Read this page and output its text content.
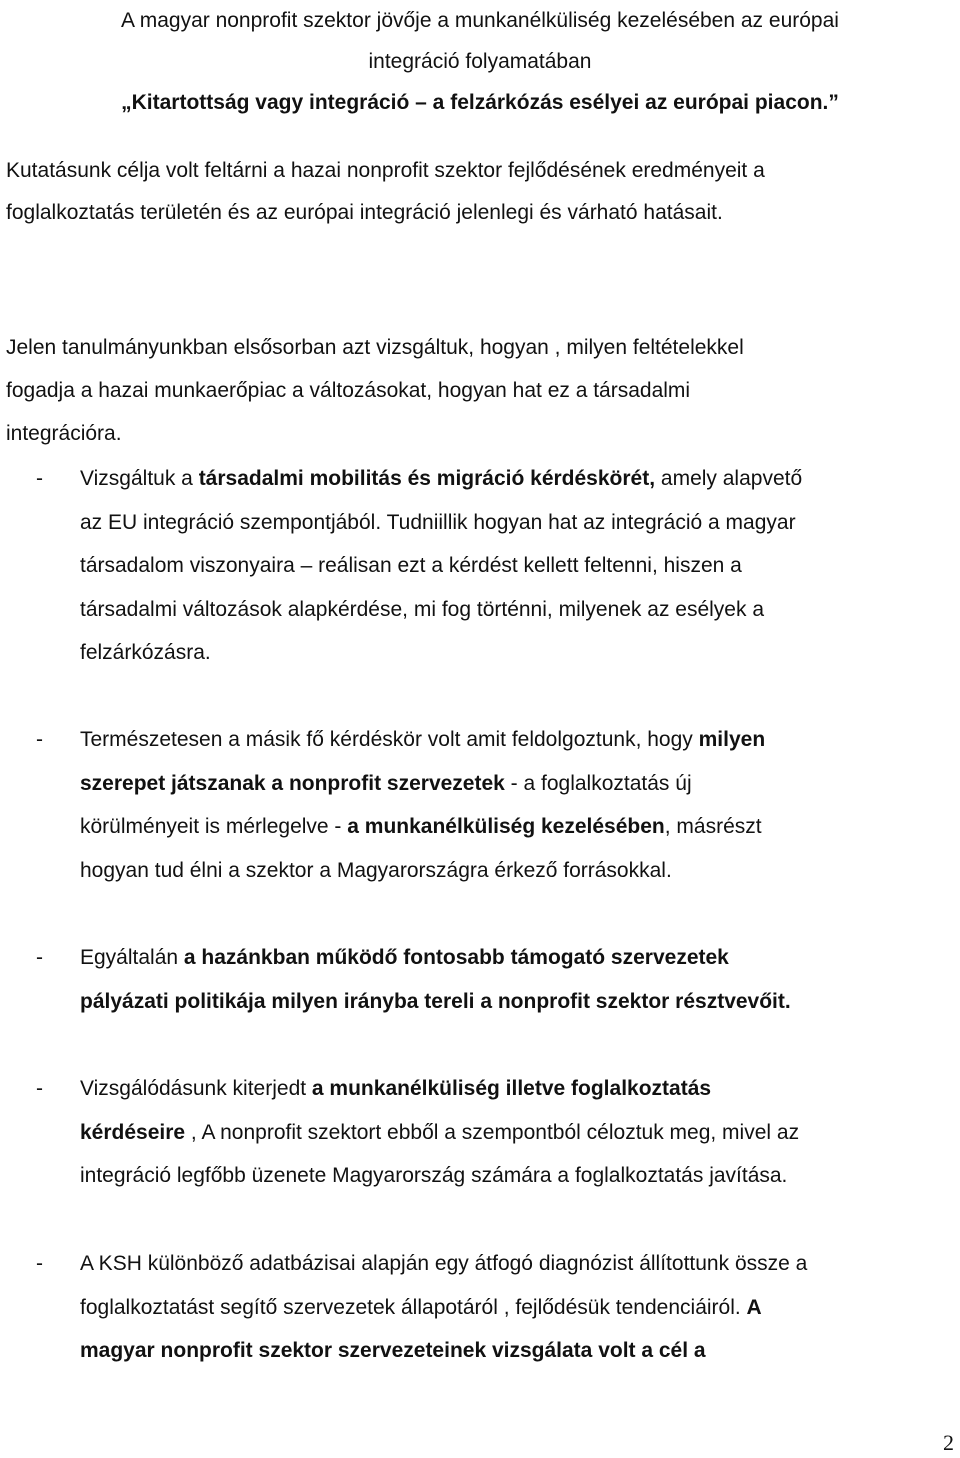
A magyar nonprofit szektor jövője a munkanélküliség kezelésében az európai
integráció folyamatában
„Kitartottság vagy integráció – a felzárkózás esélyei az európai piacon.”

Kutatásunk célja volt feltárni a hazai nonprofit szektor fejlődésének eredményeit a
foglalkoztatás területén és az európai integráció jelenlegi és várható hatásait.

Jelen tanulmányunkban elsősorban azt vizsgáltuk, hogyan , milyen feltételekkel
fogadja a hazai munkaerőpiac a változásokat, hogyan hat ez a társadalmi
integrációra.

- Vizsgáltuk a társadalmi mobilitás és migráció kérdéskörét, amely alapvető
az EU integráció szempontjából. Tudniillik hogyan hat az integráció a magyar
társadalom viszonyaira – reálisan ezt a kérdést kellett feltenni, hiszen a
társadalmi változások alapkérdése, mi fog történni, milyenek az esélyek a
felzárkózásra.
- Természetesen a másik fő kérdéskör volt amit feldolgoztunk, hogy milyen
szerepet játszanak a nonprofit szervezetek - a foglalkoztatás új
körülményeit is mérlegelve - a munkanélküliség kezelésében, másrészt
hogyan tud élni a szektor a Magyarországra érkező forrásokkal.
- Egyáltalán a hazánkban működő fontosabb támogató szervezetek
pályázati politikája milyen irányba tereli a nonprofit szektor résztvevőit.
- Vizsgálódásunk kiterjedt a munkanélküliség illetve foglalkoztatás
kérdéseire , A nonprofit szektort ebből a szempontból céloztuk meg, mivel az
integráció legfőbb üzenete Magyarország számára a foglalkoztatás javítása.
- A KSH különböző adatbázisai alapján egy átfogó diagnózist állítottunk össze a
foglalkoztatást segítő szervezetek állapotáról , fejlődésük tendenciáiról. A
magyar nonprofit szektor szervezeteinek vizsgálata volt a cél a
2
